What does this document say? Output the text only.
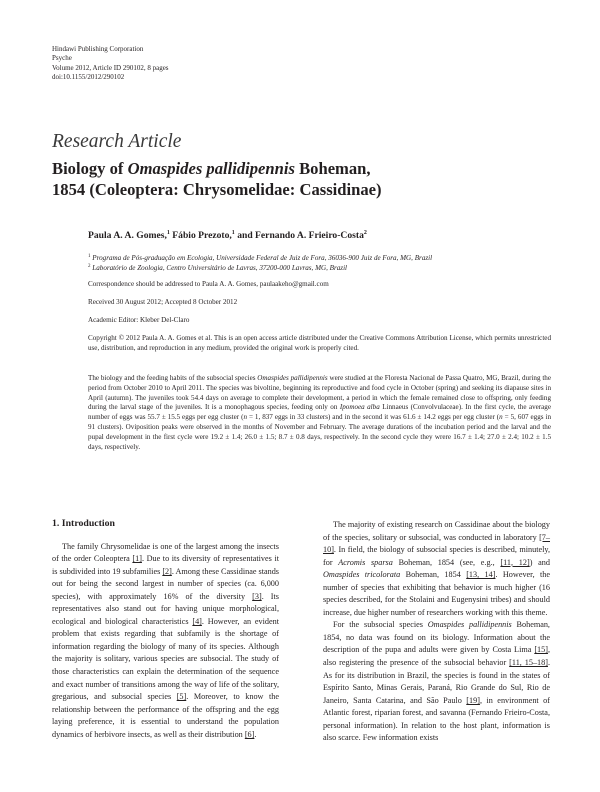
Hindawi Publishing Corporation
Psyche
Volume 2012, Article ID 290102, 8 pages
doi:10.1155/2012/290102
Research Article
Biology of Omaspides pallidipennis Boheman,
1854 (Coleoptera: Chrysomelidae: Cassidinae)
Paula A. A. Gomes,$^1$ Fábio Prezoto,$^1$ and Fernando A. Frieiro-Costa$^2$
$^1$ Programa de Pós-graduação em Ecologia, Universidade Federal de Juiz de Fora, 36036-900 Juiz de Fora, MG, Brazil
$^2$ Laboratório de Zoologia, Centro Universitário de Lavras, 37200-000 Lavras, MG, Brazil
Correspondence should be addressed to Paula A. A. Gomes, paulaakeho@gmail.com
Received 30 August 2012; Accepted 8 October 2012
Academic Editor: Kleber Del-Claro
Copyright © 2012 Paula A. A. Gomes et al. This is an open access article distributed under the Creative Commons Attribution License, which permits unrestricted use, distribution, and reproduction in any medium, provided the original work is properly cited.
The biology and the feeding habits of the subsocial species Omaspides pallidipennis were studied at the Floresta Nacional de Passa Quatro, MG, Brazil, during the period from October 2010 to April 2011. The species was bivoltine, beginning its reproductive and food cycle in October (spring) and seeking its diapause sites in April (autumn). The juveniles took 54.4 days on average to complete their development, a period in which the female remained close to offspring, only feeding during the larval stage of the juveniles. It is a monophagous species, feeding only on Ipomoea alba Linnaeus (Convolvulaceae). In the first cycle, the average number of eggs was 55.7 ± 15.5 eggs per egg cluster (n = 1, 837 eggs in 33 clusters) and in the second it was 61.6 ± 14.2 eggs per egg cluster (n = 5, 607 eggs in 91 clusters). Oviposition peaks were observed in the months of November and February. The average durations of the incubation period and the larval and the pupal development in the first cycle were 19.2 ± 1.4; 26.0 ± 1.5; 8.7 ± 0.8 days, respectively. In the second cycle they wrere 16.7 ± 1.4; 27.0 ± 2.4; 10.2 ± 1.5 days, respectively.
1. Introduction

The family Chrysomelidae is one of the largest among the insects of the order Coleoptera [1]. Due to its diversity of representatives it is subdivided into 19 subfamilies [2]. Among these Cassidinae stands out for being the second largest in number of species (ca. 6,000 species), with approximately 16% of the diversity [3]. Its representatives also stand out for having unique morphological, ecological and biological characteristics [4]. However, an evident problem that exists regarding that subfamily is the shortage of information regarding the biology of many of its species. Although the majority is solitary, various species are subsocial. The study of those characteristics can explain the determination of the sequence and exact number of transitions among the way of life of the solitary, gregarious, and subsocial species [5]. Moreover, to know the relationship between the performance of the offspring and the egg laying preference, it is essential to understand the population dynamics of herbivore insects, as well as their distribution [6].

The majority of existing research on Cassidinae about the biology of the species, solitary or subsocial, was conducted in laboratory [7–10]. In field, the biology of subsocial species is described, minutely, for Acromis sparsa Boheman, 1854 (see, e.g., [11, 12]) and Omaspides tricolorata Boheman, 1854 [13, 14]. However, the number of species that exhibiting that behavior is much higher (16 species described, for the Stolaini and Eugenysini tribes) and should increase, due higher number of researchers working with this theme.

For the subsocial species Omaspides pallidipennis Boheman, 1854, no data was found on its biology. Information about the description of the pupa and adults were given by Costa Lima [15], also registering the presence of the subsocial behavior [11, 15–18]. As for its distribution in Brazil, the species is found in the states of Espírito Santo, Minas Gerais, Paraná, Rio Grande do Sul, Rio de Janeiro, Santa Catarina, and São Paulo [19], in environment of Atlantic forest, riparian forest, and savanna (Fernando Frieiro-Costa, personal information). In relation to the host plant, information is also scarce. Few information exists
